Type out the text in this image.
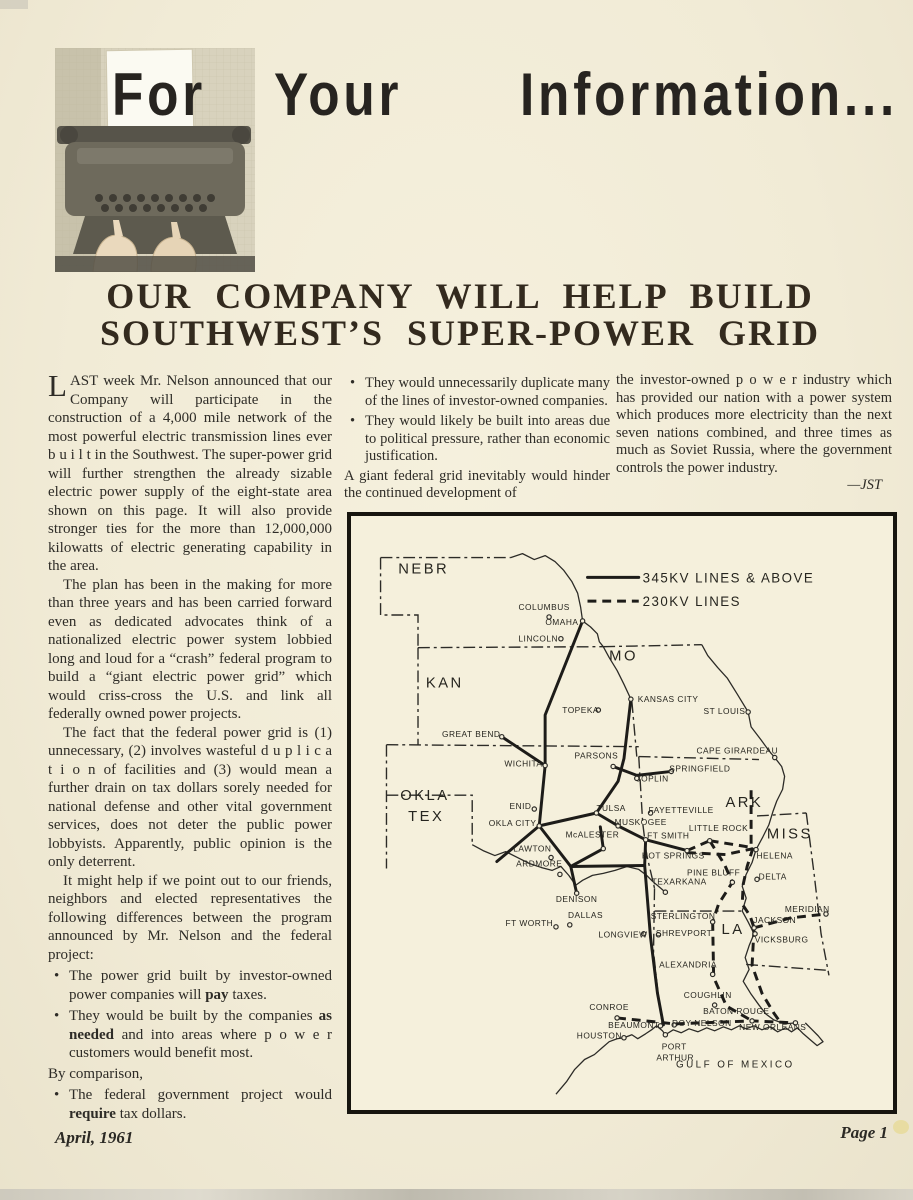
For Your Information...
OUR COMPANY WILL HELP BUILD
SOUTHWEST’S SUPER-POWER GRID

LAST week Mr. Nelson announced that our Company will participate in the construction of a 4,000 mile network of the most powerful electric transmission lines ever b u i l t in the Southwest. The super-power grid will further strengthen the already sizable electric power supply of the eight-state area shown on this page. It will also provide stronger ties for the more than 12,000,000 kilowatts of electric generating capability in the area.

The plan has been in the making for more than three years and has been carried forward even as dedicated advocates think of a nationalized electric power system lobbied long and loud for a “crash” federal program to build a “giant electric power grid” which would criss-cross the U.S. and link all federally owned power projects.

The fact that the federal power grid is (1) unnecessary, (2) involves wasteful d u p l i c a t i o n of facilities and (3) would mean a further drain on tax dollars sorely needed for national defense and other vital government services, does not deter the public power lobbyists. Apparently, public opinion is the only deterrent.

It might help if we point out to our friends, neighbors and elected representatives the following differences between the program announced by Mr. Nelson and the federal project:

• The power grid built by investor-owned power companies will pay taxes.
• They would be built by the companies as needed and into areas where p o w e r customers would benefit most.

By comparison,

• The federal government project would require tax dollars.
• They would unnecessarily duplicate many of the lines of investor-owned companies.
• They would likely be built into areas due to political pressure, rather than economic justification.

A giant federal grid inevitably would hinder the continued development of

the investor-owned p o w e r industry which has provided our nation with a power system which produces more electricity than the next seven nations combined, and three times as much as Soviet Russia, where the government controls the power industry.

—JST

NEBR
KAN
MO
OKLA
TEX
ARK
MISS
LA
COLUMBUS
OMAHA
LINCOLN
KANSAS CITY
TOPEKA	ST LOUIS
GREAT BEND
PARSONS	CAPE GIRARDEAU
WICHITA	SPRINGFIELD
JOPLIN
ENID	TULSA	FAYETTEVILLE
MUSKOGEE
FT SMITH
LITTLE ROCK
OKLA CITY
McALESTER
HOT SPRINGS	HELENA
LAWTON
ARDMORE
PINE BLUFF DELTA
TEXARKANA
DENISON
MERIDIAN
DALLAS
FT WORTH
STERLINGTON	JACKSON
LONGVIEW SHREVPORT
VICKSBURG
ALEXANDRIA
COUGHLIN
CONROE	BATON ROUGE
BEAUMONT ROY NELSON NEW ORLEANS
HOUSTON
PORT
ARTHUR
345KV LINES & ABOVE
230KV LINES
GULF OF MEXICO
April, 1961	Page 1
